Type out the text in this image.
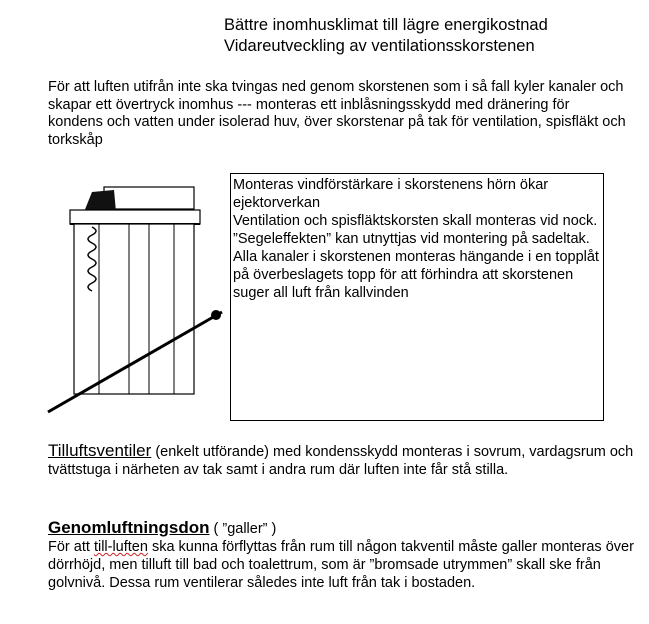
Bättre inomhusklimat till lägre energikostnad
Vidareutveckling av ventilationsskorstenen
För att luften utifrån inte ska tvingas ned genom skorstenen som i så fall kyler kanaler och skapar ett övertryck inomhus --- monteras ett inblåsningsskydd med dränering för kondens och vatten under isolerad huv, över skorstenar på tak för ventilation, spisfläkt och torkskåp

Monteras vindförstärkare i skorstenens hörn ökar ejektorverkan

Ventilation och spisfläktskorsten skall monteras vid nock.

”Segeleffekten” kan utnyttjas vid montering på sadeltak.

Alla kanaler i skorstenen monteras hängande i en topplåt på överbeslagets topp för att förhindra att skorstenen suger all luft från kallvinden

Tilluftsventiler (enkelt utförande) med kondensskydd monteras i sovrum, vardagsrum och tvättstuga i närheten av tak samt i andra rum där luften inte får stå stilla.
Genomluftningsdon ( ”galler” )
För att till-luften ska kunna förflyttas från rum till någon takventil måste galler monteras över dörrhöjd, men tilluft till bad och toalettrum, som är ”bromsade utrymmen” skall ske från golvnivå. Dessa rum ventilerar således inte luft från tak i bostaden.
